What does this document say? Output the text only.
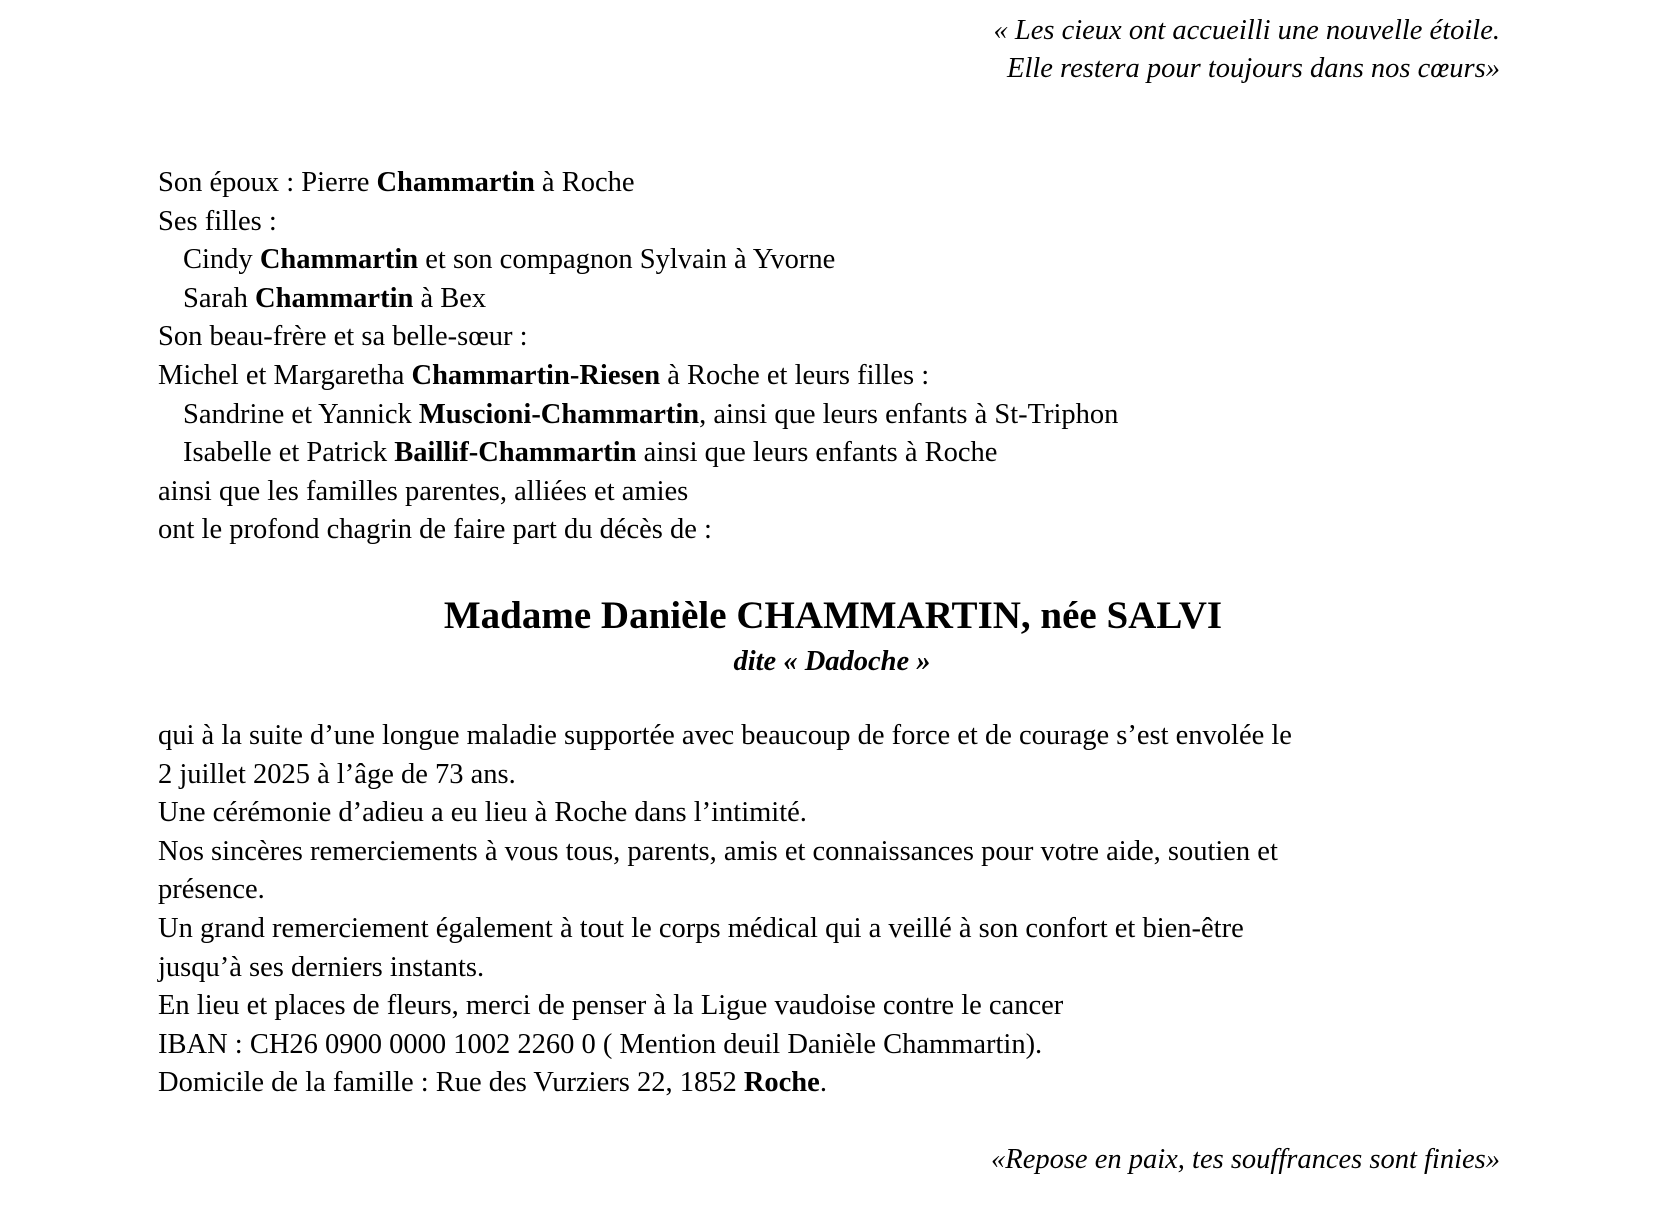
« Les cieux ont accueilli une nouvelle étoile.
Elle restera pour toujours dans nos cœurs»
Son époux : Pierre Chammartin à Roche
Ses filles :
Cindy Chammartin et son compagnon Sylvain à Yvorne
Sarah Chammartin à Bex
Son beau-frère et sa belle-sœur :
Michel et Margaretha Chammartin-Riesen à Roche et leurs filles :
Sandrine et Yannick Muscioni-Chammartin, ainsi que leurs enfants à St-Triphon
Isabelle et Patrick Baillif-Chammartin ainsi que leurs enfants à Roche
ainsi que les familles parentes, alliées et amies
ont le profond chagrin de faire part du décès de :
Madame Danièle CHAMMARTIN, née SALVI
dite « Dadoche »
qui à la suite d’une longue maladie supportée avec beaucoup de force et de courage s’est envolée le
2 juillet 2025 à l’âge de 73 ans.
Une cérémonie d’adieu a eu lieu à Roche dans l’intimité.
Nos sincères remerciements à vous tous, parents, amis et connaissances pour votre aide, soutien et
présence.
Un grand remerciement également à tout le corps médical qui a veillé à son confort et bien-être
jusqu’à ses derniers instants.
En lieu et places de fleurs, merci de penser à la Ligue vaudoise contre le cancer
IBAN : CH26 0900 0000 1002 2260 0 ( Mention deuil Danièle Chammartin).
Domicile de la famille : Rue des Vurziers 22, 1852 Roche.
«Repose en paix, tes souffrances sont finies»
